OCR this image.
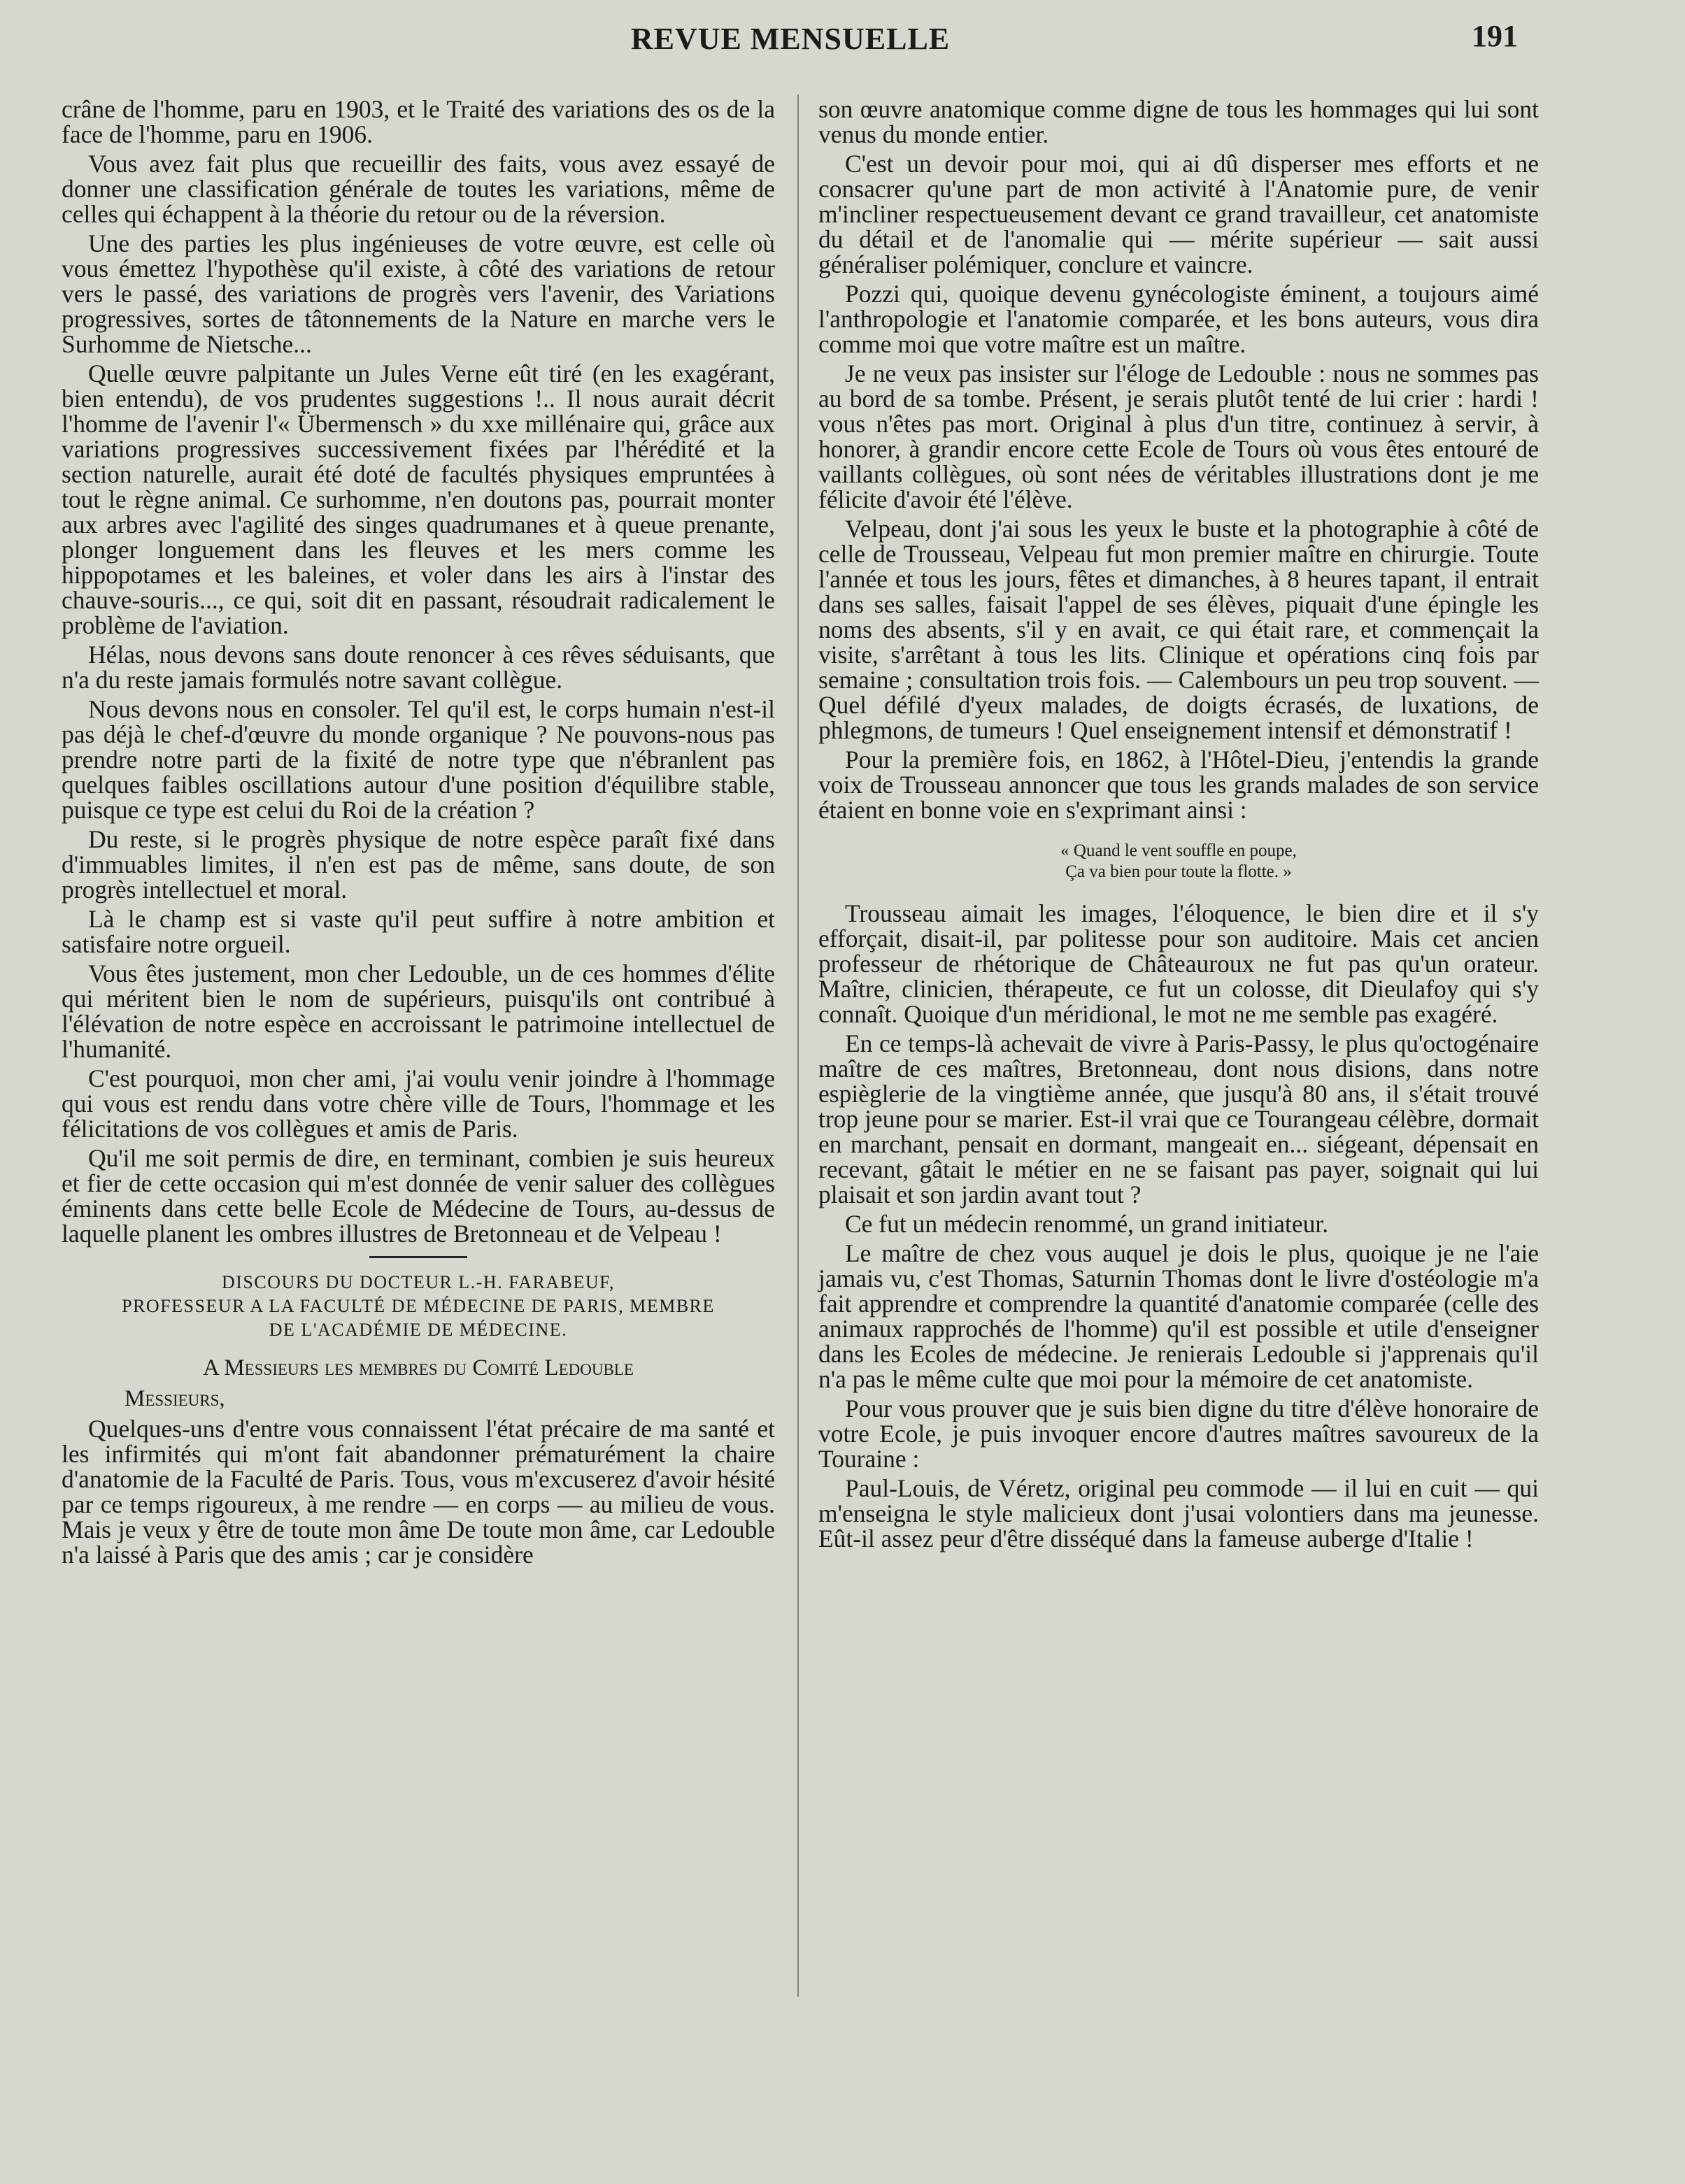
REVUE MENSUELLE	191

crâne de l'homme, paru en 1903, et le Traité des variations des os de la face de l'homme, paru en 1906.

Vous avez fait plus que recueillir des faits, vous avez essayé de donner une classification générale de toutes les variations, même de celles qui échappent à la théorie du retour ou de la réversion.

Une des parties les plus ingénieuses de votre œuvre, est celle où vous émettez l'hypothèse qu'il existe, à côté des variations de retour vers le passé, des variations de progrès vers l'avenir, des Variations progressives, sortes de tâtonnements de la Nature en marche vers le Surhomme de Nietsche...

Quelle œuvre palpitante un Jules Verne eût tiré (en les exagérant, bien entendu), de vos prudentes suggestions !.. Il nous aurait décrit l'homme de l'avenir l'« Übermensch » du xxe millénaire qui, grâce aux variations progressives successivement fixées par l'hérédité et la section naturelle, aurait été doté de facultés physiques empruntées à tout le règne animal. Ce surhomme, n'en doutons pas, pourrait monter aux arbres avec l'agilité des singes quadrumanes et à queue prenante, plonger longuement dans les fleuves et les mers comme les hippopotames et les baleines, et voler dans les airs à l'instar des chauve-souris..., ce qui, soit dit en passant, résoudrait radicalement le problème de l'aviation.

Hélas, nous devons sans doute renoncer à ces rêves séduisants, que n'a du reste jamais formulés notre savant collègue.

Nous devons nous en consoler. Tel qu'il est, le corps humain n'est-il pas déjà le chef-d'œuvre du monde organique ? Ne pouvons-nous pas prendre notre parti de la fixité de notre type que n'ébranlent pas quelques faibles oscillations autour d'une position d'équilibre stable, puisque ce type est celui du Roi de la création ?

Du reste, si le progrès physique de notre espèce paraît fixé dans d'immuables limites, il n'en est pas de même, sans doute, de son progrès intellectuel et moral.

Là le champ est si vaste qu'il peut suffire à notre ambition et satisfaire notre orgueil.

Vous êtes justement, mon cher Ledouble, un de ces hommes d'élite qui méritent bien le nom de supérieurs, puisqu'ils ont contribué à l'élévation de notre espèce en accroissant le patrimoine intellectuel de l'humanité.

C'est pourquoi, mon cher ami, j'ai voulu venir joindre à l'hommage qui vous est rendu dans votre chère ville de Tours, l'hommage et les félicitations de vos collègues et amis de Paris.

Qu'il me soit permis de dire, en terminant, combien je suis heureux et fier de cette occasion qui m'est donnée de venir saluer des collègues éminents dans cette belle Ecole de Médecine de Tours, au-dessus de laquelle planent les ombres illustres de Bretonneau et de Velpeau !

DISCOURS DU DOCTEUR L.-H. FARABEUF,
PROFESSEUR A LA FACULTÉ DE MÉDECINE DE PARIS, MEMBRE
DE L'ACADÉMIE DE MÉDECINE.
A Messieurs les membres du Comité Ledouble
Messieurs,

Quelques-uns d'entre vous connaissent l'état précaire de ma santé et les infirmités qui m'ont fait abandonner prématurément la chaire d'anatomie de la Faculté de Paris. Tous, vous m'excuserez d'avoir hésité par ce temps rigoureux, à me rendre — en corps — au milieu de vous. Mais je veux y être de toute mon âme De toute mon âme, car Ledouble n'a laissé à Paris que des amis ; car je considère

son œuvre anatomique comme digne de tous les hommages qui lui sont venus du monde entier.

C'est un devoir pour moi, qui ai dû disperser mes efforts et ne consacrer qu'une part de mon activité à l'Anatomie pure, de venir m'incliner respectueusement devant ce grand travailleur, cet anatomiste du détail et de l'anomalie qui — mérite supérieur — sait aussi généraliser polémiquer, conclure et vaincre.

Pozzi qui, quoique devenu gynécologiste éminent, a toujours aimé l'anthropologie et l'anatomie comparée, et les bons auteurs, vous dira comme moi que votre maître est un maître.

Je ne veux pas insister sur l'éloge de Ledouble : nous ne sommes pas au bord de sa tombe. Présent, je serais plutôt tenté de lui crier : hardi ! vous n'êtes pas mort. Original à plus d'un titre, continuez à servir, à honorer, à grandir encore cette Ecole de Tours où vous êtes entouré de vaillants collègues, où sont nées de véritables illustrations dont je me félicite d'avoir été l'élève.

Velpeau, dont j'ai sous les yeux le buste et la photographie à côté de celle de Trousseau, Velpeau fut mon premier maître en chirurgie. Toute l'année et tous les jours, fêtes et dimanches, à 8 heures tapant, il entrait dans ses salles, faisait l'appel de ses élèves, piquait d'une épingle les noms des absents, s'il y en avait, ce qui était rare, et commençait la visite, s'arrêtant à tous les lits. Clinique et opérations cinq fois par semaine ; consultation trois fois. — Calembours un peu trop souvent. — Quel défilé d'yeux malades, de doigts écrasés, de luxations, de phlegmons, de tumeurs ! Quel enseignement intensif et démonstratif !

Pour la première fois, en 1862, à l'Hôtel-Dieu, j'entendis la grande voix de Trousseau annoncer que tous les grands malades de son service étaient en bonne voie en s'exprimant ainsi :

« Quand le vent souffle en poupe,
Ça va bien pour toute la flotte. »

Trousseau aimait les images, l'éloquence, le bien dire et il s'y efforçait, disait-il, par politesse pour son auditoire. Mais cet ancien professeur de rhétorique de Châteauroux ne fut pas qu'un orateur. Maître, clinicien, thérapeute, ce fut un colosse, dit Dieulafoy qui s'y connaît. Quoique d'un méridional, le mot ne me semble pas exagéré.

En ce temps-là achevait de vivre à Paris-Passy, le plus qu'octogénaire maître de ces maîtres, Bretonneau, dont nous disions, dans notre espièglerie de la vingtième année, que jusqu'à 80 ans, il s'était trouvé trop jeune pour se marier. Est-il vrai que ce Tourangeau célèbre, dormait en marchant, pensait en dormant, mangeait en... siégeant, dépensait en recevant, gâtait le métier en ne se faisant pas payer, soignait qui lui plaisait et son jardin avant tout ?

Ce fut un médecin renommé, un grand initiateur.

Le maître de chez vous auquel je dois le plus, quoique je ne l'aie jamais vu, c'est Thomas, Saturnin Thomas dont le livre d'ostéologie m'a fait apprendre et comprendre la quantité d'anatomie comparée (celle des animaux rapprochés de l'homme) qu'il est possible et utile d'enseigner dans les Ecoles de médecine. Je renierais Ledouble si j'apprenais qu'il n'a pas le même culte que moi pour la mémoire de cet anatomiste.

Pour vous prouver que je suis bien digne du titre d'élève honoraire de votre Ecole, je puis invoquer encore d'autres maîtres savoureux de la Touraine :

Paul-Louis, de Véretz, original peu commode — il lui en cuit — qui m'enseigna le style malicieux dont j'usai volontiers dans ma jeunesse. Eût-il assez peur d'être disséqué dans la fameuse auberge d'Italie !
